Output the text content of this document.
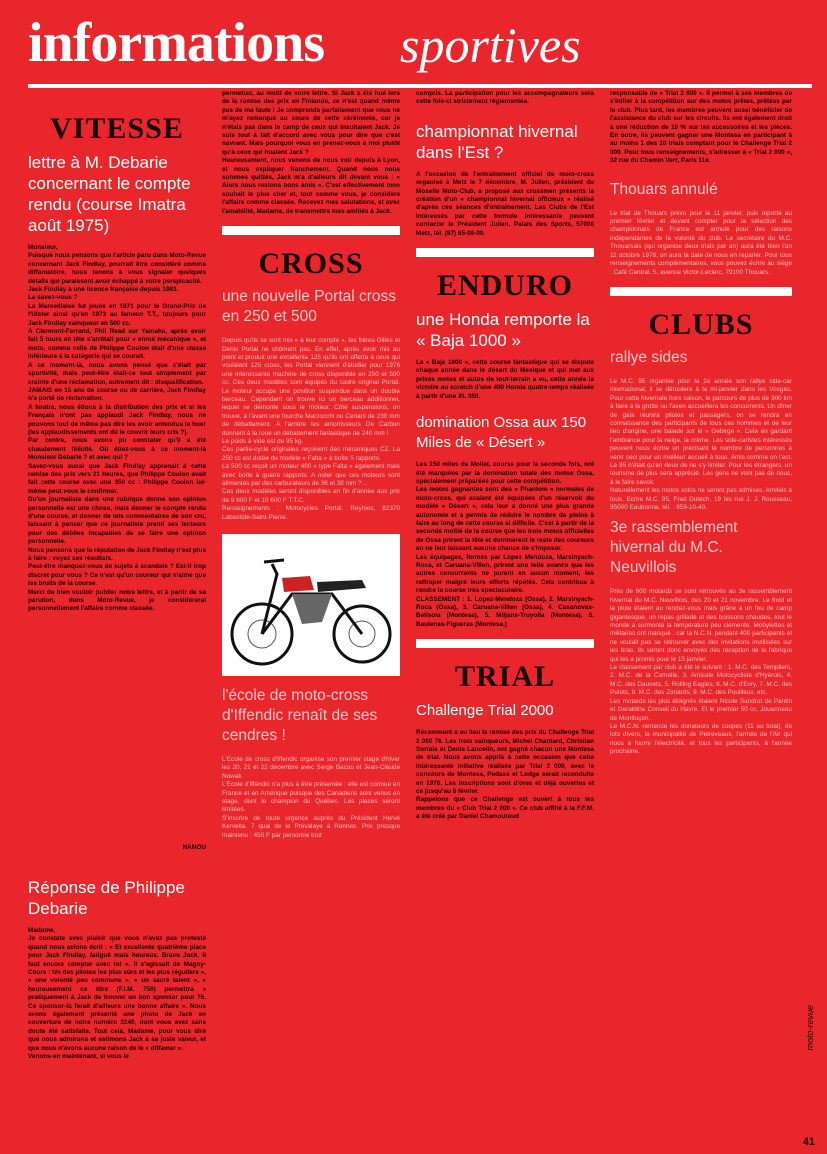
informations sportives
VITESSE
lettre à M. Debarie concernant le compte rendu (course Imatra août 1975)

Monsieur,
Puisque nous pensons que l'article paru dans Moto-Revue concernant Jack Findlay, pourrait être considéré comme diffamatoire, nous tenons à vous signaler quelques détails qui paraissent avoir échappé à votre perspicacité.
Jack Findlay a une licence française depuis 1963.
La savez-vous ?
La Marseillaise fut jouée en 1971 pour le Grand-Prix de l'Ulster ainsi qu'en 1973 au fameux T.T., toujours pour Jack Findlay vainqueur en 500 cc.
A Clermont-Ferrand, Phil Read sur Yamaha, après avoir fait 5 tours en tête s'arrêtait pour « ennui mécanique », et moto, comme celle de Philippe Coulon était d'une classe inférieure à la catégorie qui se courait.
A ce moment-là, nous avons pensé que c'était par sportivité, mais peut-être était-ce tout simplement par crainte d'une réclamation, autrement dit : disqualification.
JAMAIS en 15 ans de course ou de carrière, Jack Findlay n'a porté de réclamation.
A Imatra, nous étions à la distribution des prix et si les Français n'ont pas applaudi Jack Findlay, nous ne pouvons tout de même pas dire les avoir entendus le huer (les applaudissements ont dû le couvrir leurs cris ?).
Par contre, nous avons pu constater qu'il a été chaudement félicité. Où étiez-vous à ce moment-là Monsieur Debarie ? et avec qui ?
Savez-vous aussi que Jack Findlay apprenait à cette remise des prix vers 21 heures, que Philippe Coulon avait fait cette course avec une 350 cc : Philippe Coulon lui-même peut vous le confirmer.
Du'un journaliste dans une rubrique donne son opinion personnelle est une chose, mais donner le compte rendu d'une course, et donner de tels commentaires de son cru, laissant à penser que ce journaliste prend ses lecteurs pour des débiles incapables de se faire une opinion personnelle.
Nous pensons que la réputation de Jack Findlay n'est plus à faire : voyez ses résultats.
Peut-être manquez-vous de sujets à scandale ? Est-il trop discret pour vous ? Ce n'est qu'un coureur qui n'aime que les bruits de la course.
Merci de bien vouloir publier notre lettre, et à partir de sa parution, dans Moto-Revue, je considérerai personnellement l'affaire comme classée.

NANOU

Réponse de Philippe Debarie

Madame,
Je constate avec plaisir que vous n'avez pas protesté quand nous avions écrit : « Et excellente quatrième place pour Jack Findlay, fatigué mais heureux. Bravo Jack. Il faut encore compter avec toi ». Il s'agissait de Magny-Cours : Un des pilotes les plus sûrs et les plus réguliers », « une volonté peu commune », « un sacré talent », « heureusement ce titre (F.I.M. 750) permettra « pratiquement à Jack de trouver un bon sponsor pour 76. Ce sponsor-là ferait d'ailleurs une bonne affaire ». Nous avons également présenté une photo de Jack en couverture de notre numéro 2240, dont vous avez sans doute été satisfaite. Tout cela, Madame, pour vous dire que nous admirons et estimons Jack à sa juste valeur, et que nous n'avons aucune raison de le « diffamer ».
Venons-en maintenant, si vous le

permettez, au motif de votre lettre. Si Jack a été hué lors de la remise des prix en Finlande, ce n'est quand même pas de ma faute ! Je comprends parfaitement que vous ne m'ayez remarqué au cours de cette cérémonie, car je n'étais pas dans le camp de ceux qui insultaient Jack. Je suis tout à fait d'accord avec vous pour dire que c'est navrant. Mais pourquoi vous en prenez-vous à moi plutôt qu'à ceux qui huaient Jack ?
Heureusement, nous venons de nous voir depuis à Lyon, et nous expliquer franchement. Quand nous nous sommes quittés, Jack m'a d'ailleurs dit devant vous : « Alors nous restons bons amis ». C'est effectivement mon souhait le plus cher et, tout comme vous, je considère l'affaire comme classée. Recevez mes salutations, et avec l'amabilité, Madame, de transmettre mes amitiés à Jack.

CROSS
une nouvelle Portal cross en 250 et 500

Depuis qu'ils se sont mis « à leur compte », les frères Gilles et Denis Portal ne chôment pas. En effet, après avoir mis au point et produit une excellente 125 qu'ils ont offerte à ceux qui voulaient 125 cross, les Portal viennent d'étudier pour 1976 une intéressante machine de cross disponible en 250 et 500 cc. Ces deux modèles sont équipés du cadre original Portal. Le moteur occupe une position suspendue dans un double berceau. Cependant on trouve ici un berceau additionnel, lequel se démonte sous le moteur. Côté suspensions, on trouve, à l'avant une fourche Marzocchi ou Ceriani de 230 mm de débattement. A l'arrière les amortisseurs De Carbon donnent à la roue un débattement fantastique de 240 mm !
Le poids à vide est de 95 kg.
Ces partie-cycle originales reçoivent des mécaniques CZ. La 250 cc est dotée du modèle « Falta » à boîte 5 rapports.
La 500 cc reçoit un moteur 400 « type Falta » également mais avec boîte à quatre rapports. A noter que ces moteurs sont alimentés par des carburateurs de 36 et 38 mm ?...
Ces deux modèles seront disponibles en fin d'année aux prix de 9 600 F et 10 600 F T.T.C.
Renseignements : Motocycles Portal, Reynies, 82370 Labastide-Saint-Pierre.

l'école de moto-cross d'Iffendic renaît de ses cendres !

L'Ecole de cross d'Iffendic organise son premier stage d'hiver les 20, 21 et 22 décembre avec Serge Bacou et Jean-Claude Nowak.
L'Ecole d'Iffendic n'a plus à être présentée : elle est connue en France et en Amérique puisque des Canadiens sont venus en stage, dont le champion du Québec. Les places seront limitées.
S'inscrire de toute urgence auprès du Président Hervé Kervella, 7 quai de la Prévalaye à Rennes. Prix presque maintenu : 450 F par personne tout

compris. La participation pour les accompagnateurs sera cette fois-ci strictement réglementée.

championnat hivernal dans l'Est ?

A l'occasion de l'entraînement officiel de moto-cross organisé à Metz le 7 décembre, M. Julien, président du Moselle Moto-Club, a proposé aux crossmen présents la création d'un « championnat hivernal officieux » réalisé d'après ces séances d'entraînement. Les Clubs de l'Est intéressés par cette formule intéressante peuvent contacter le Président Julien, Palais des Sports, 57000 Metz, tél. (87) 65-06-09.

ENDURO
une Honda remporte la « Baja 1000 »

La « Baja 1000 », cette course fantastique qui se dispute chaque année dans le désert du Mexique et qui met aux prises motos et autos de tout-terrain a vu, cette année la victoire au scratch d'une 400 Honda quatre-temps réalisée à partir d'une XL 350.

domination Ossa aux 150 Miles de « Désert »

Les 150 miles de Mollet, course pour la seconde fois, ont été marquées par la domination totale des motos Ossa, spécialement préparées pour cette compétition.
Les motos gagnantes sont des « Phantom » normales de moto-cross, qui avaient été équipées d'un réservoir du modèle « Désert », cela leur a donné une plus grande autonomie et a permis de réduire le nombre de pleins à faire au long de cette course si difficile. C'est à partir de la seconde moitié de la course que les trois motos officielles de Ossa prirent la tête et dominèrent le reste des coureurs en ne leur laissant aucune chance de s'imposer.
Les équipages, formés par Lopez Mendoza, Marsinyach-Roca, et Caruana-Villen, prirent une telle avance que les autres concurrents ne purent en aucun moment, les rattraper malgré leurs efforts répétés. Cela contribua à rendre la course très spectaculaire.
CLASSEMENT : 1. Lopez-Mendoza (Ossa), 2. Marsinyach-Roca (Ossa), 3. Caruana-Villen (Ossa), 4. Casanovas-Bellsola (Montesa), 5. Miljans-Truyolla (Montesa), 6. Baulenas-Figueras (Montesa.)

TRIAL
Challenge Trial 2000

Récemment a eu lieu la remise des prix du Challenge Trial 2 000 76. Les trois vainqueurs, Michel Chantard, Christian Sortais et Denis Lancelin, ont gagné chacun une Montesa de trial. Nous avons appris à cette occasion que cette intéressante initiative réalisée par Trial 2 000, avec le concours de Montesa, Pedass et Lodge serait reconduite en 1976. Les inscriptions sont d'ores et déjà ouvertes et ce jusqu'au 8 février.
Rappelons que ce Challenge est ouvert à tous les membres du « Club Trial 2 000 ». Ce club affilié à la F.F.M. a été créé par Daniel Chamouteud

responsable de « Trial 2 000 ». Il permet à ses membres de s'initier à la compétition sur des motos prêtes, prêtées par le club. Plus tard, les membres peuvent aussi bénéficier de l'assistance du club sur les circuits. Ils ont également droit à une réduction de 10 % sur les accessoires et les pièces. En outre, ils peuvent gagner une Montesa en participant à au moins 1 des 10 trials comptant pour le Challenge Trial 2 000. Pour tous renseignements, s'adresser à « Trial 2 000 », 32 rue du Chemin Vert, Paris 11e.

Thouars annulé

Le trial de Thouars prévu pour le 11 janvier, puis reporté au premier février et devant compter pour la sélection des championnats de France est annulé pour des raisons indépendantes de la volonté du club. Le secrétaire du M.C. Thouarsais (qui organise deux trials par an) aura été bien l'an 11 octobre 1976, on aura la date de nous en reparler. Pour tous renseignements complémentaires, vous pouvez écrire au siège : Café Central, 5, avenue Victor-Leclerc, 79100 Thouars.

CLUBS
rallye sides

Le M.C. 95 organise pour la 2e année son rallye side-car international, il se déroulera à la mi-janvier dans les Vosges. Pour cette hivernale hors saison, le parcours de plus de 300 km à faire à la grotte ou l'aven accueillera les concurrents. Un dîner de gala réunira pilotes et passagers, on se rendra en connaissance des participants de tous ces hommes et de leur lieu d'origine, une balade sur le « Gebirge ». Cela en gardant l'ambiance pour la neige, la crème. Les side-caristes intéressés peuvent nous écrire en précisant le nombre de personnes à venir ceci pour un meilleur accueil à tous. Amis comme on l'est. Le 95 n'était qu'en deux de ne s'y limiter. Pour les étrangers, un tourisme de plus sera apprécié. Les gens ne vont pas de nous, à le faire savoir.
Naturellement les motos solos ne seront pas admises. Amitiés à tous. Ecrire M.C. 95, Fred Dutech, 19 bis rue J. J. Rousseau, 95000 Eaubonne, tél. : 959-10-40.

3e rassemblement hivernal du M.C. Neuvillois

Près de 600 motards se sont retrouvés au 3e rassemblement hivernal du M.C. Neuvillois, des 20 et 21 novembre. Le froid et la pluie étaient au rendez-vous mais grâce à un feu de camp gigantesque, un repas grillade et des boissons chaudes, tout le monde a surmonté la température peu clémente. Mobylettes et militaires ont manqué : car la N.C.N. pendant 400 participants et ne voulait pas se retrouver avec des invitations inutilisées sur les bras. Ils seront donc envoyés dès réception de la fabrique qui les a promis pour le 15 janvier.
Le classement par club a été le suivant : 1. M.C. des Templiers, 2. M.C. de la Camelle, 3. Amicale Motocycliste d'Hyérois, 4. M.C. des Dauvets, 5. Rolling Eagles, 6. M.C. d'Evry, 7. M.C. des Putots, 8. M.C. des Zonards, 9. M.C. des Pouilleux, etc.
Les motards les plus éloignés étaient Nicole Sandrot de Pantin et Geraldine Conseil du Havre. Et le premier 50 cc, Jouanneau de Montluçon.
Le M.C.N. remercie les donateurs de coupes (11 au total), de lots divers, la municipalité de Petreveaux, l'armée de l'Air qui nous a fourni l'électricité, et tous les participants, à l'année prochaine.

moto-revue
41
